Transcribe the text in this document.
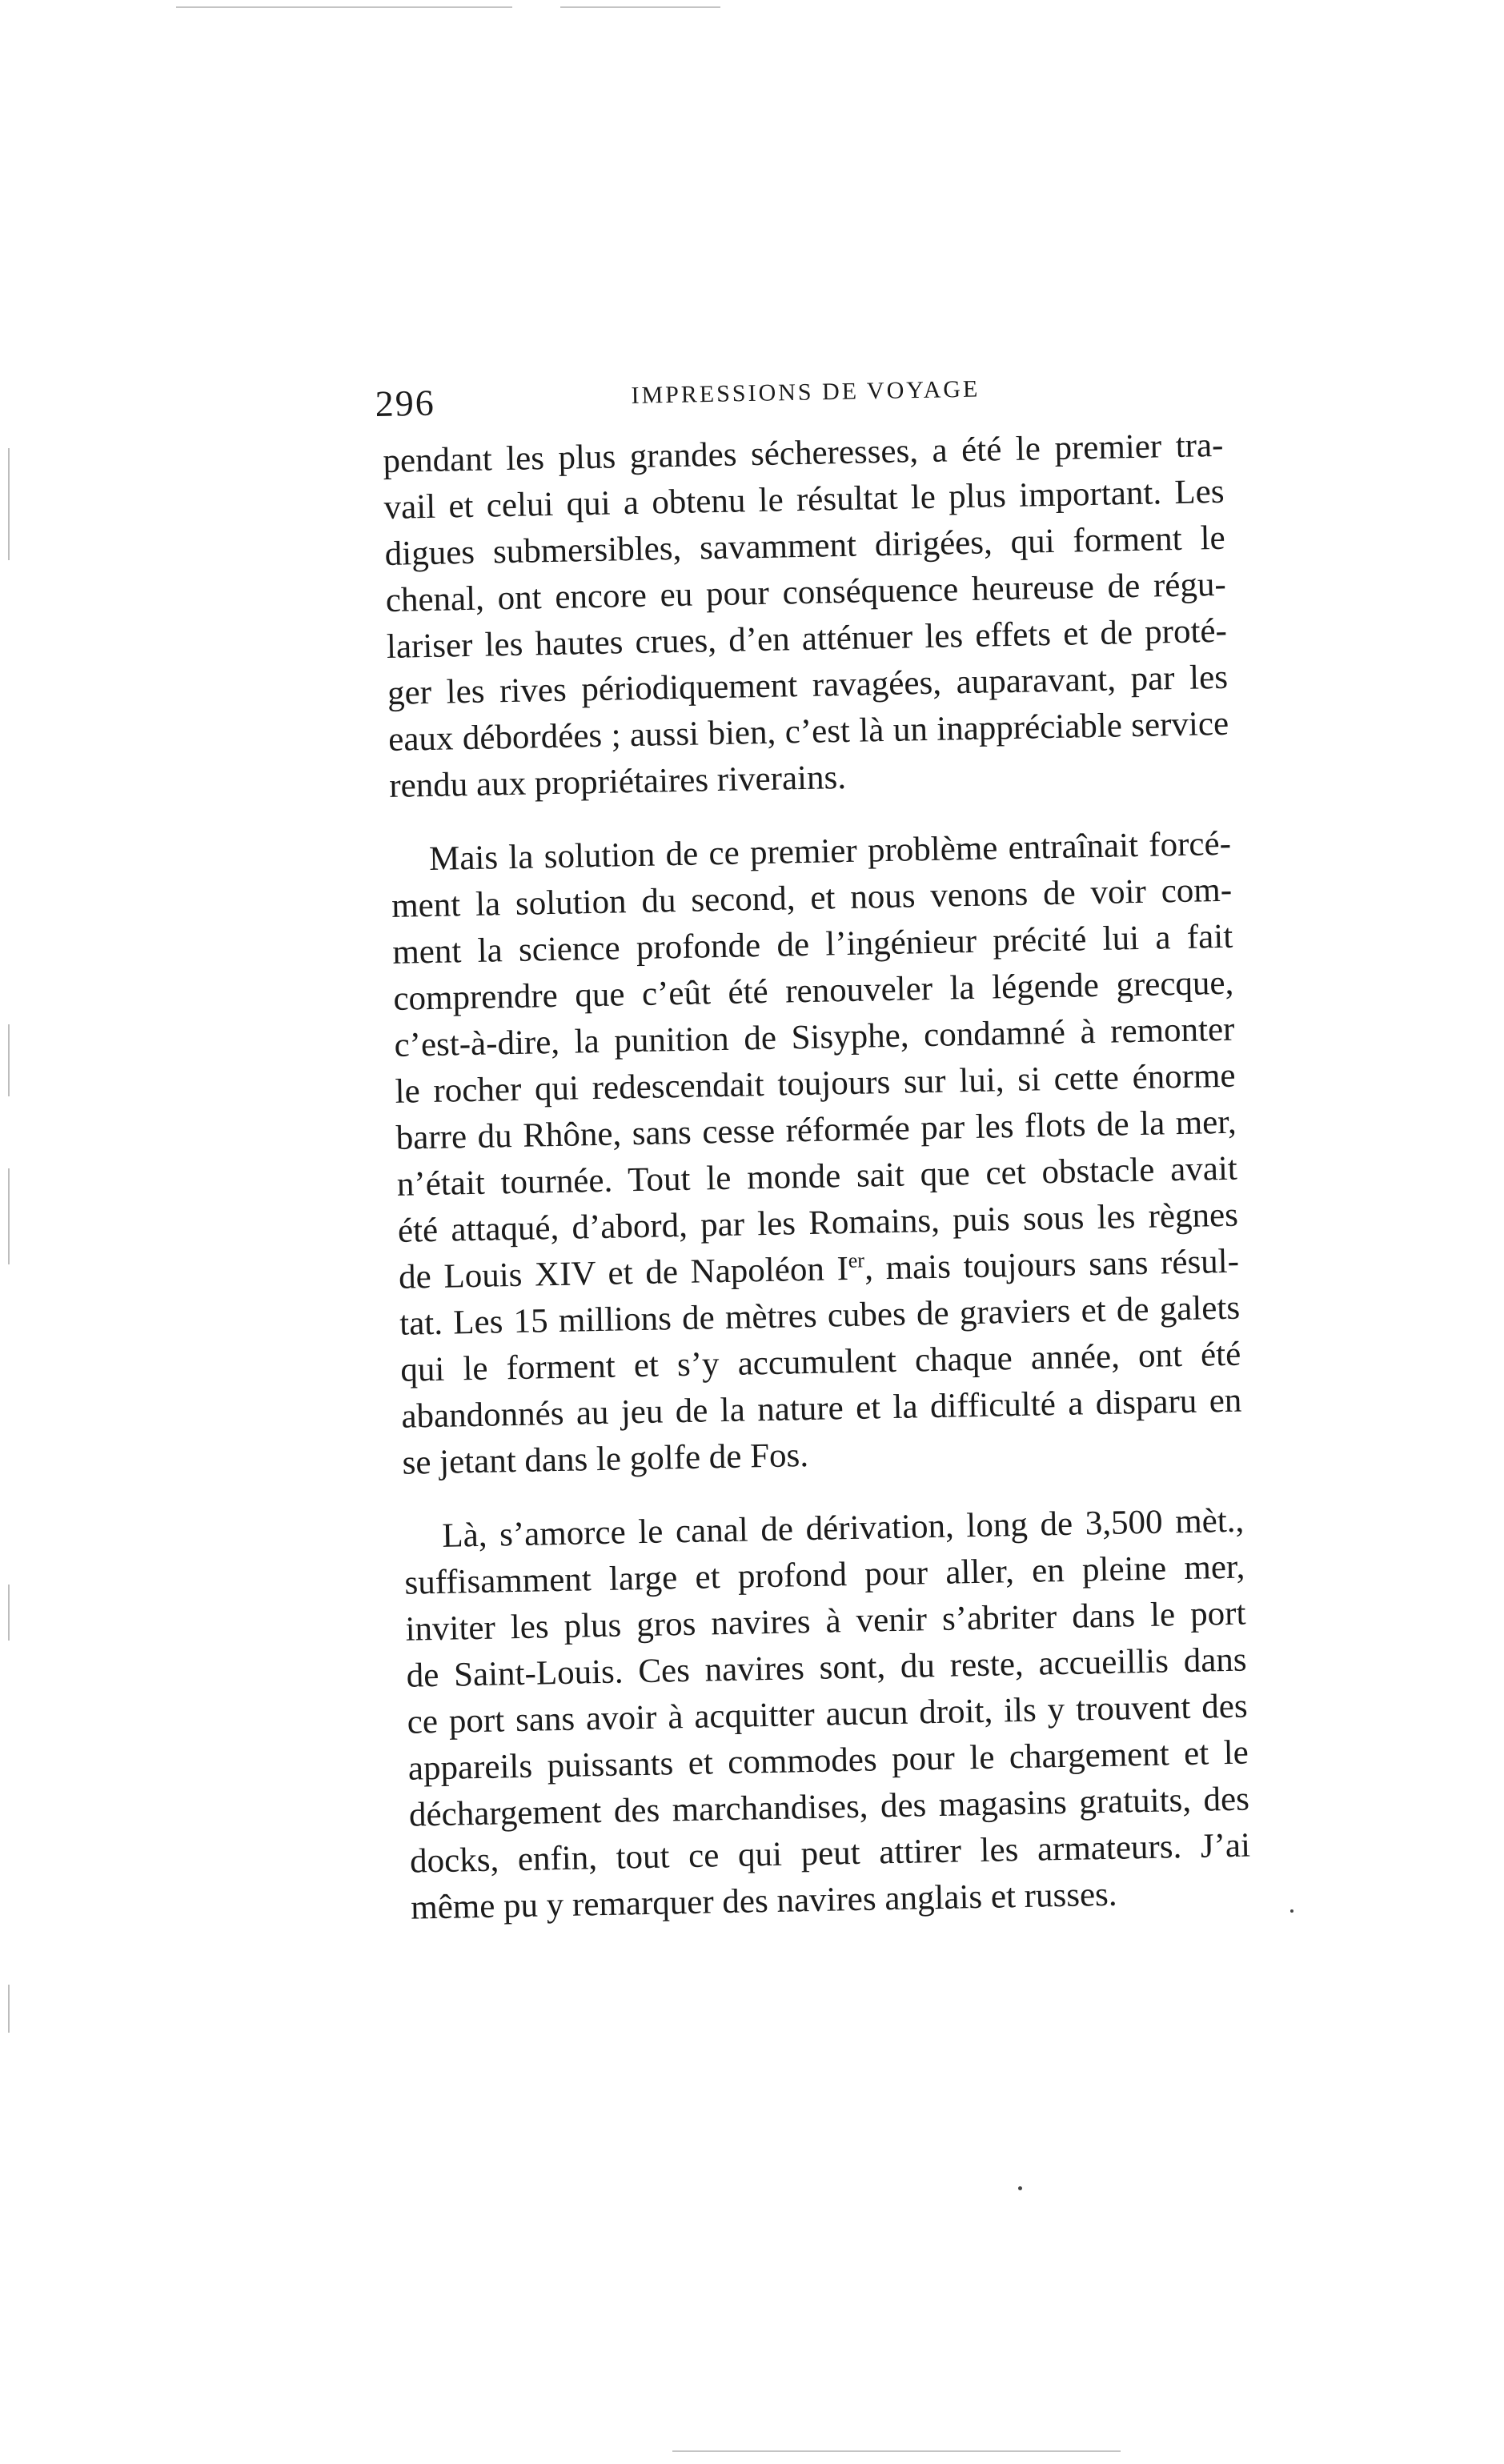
296	IMPRESSIONS DE VOYAGE
pendant les plus grandes sécheresses, a été le premier tra-
vail et celui qui a obtenu le résultat le plus important. Les
digues submersibles, savamment dirigées, qui forment le
chenal, ont encore eu pour conséquence heureuse de régu-
lariser les hautes crues, d’en atténuer les effets et de proté-
ger les rives périodiquement ravagées, auparavant, par les
eaux débordées ; aussi bien, c’est là un inappréciable service
rendu aux propriétaires riverains.
Mais la solution de ce premier problème entraînait forcé-
ment la solution du second, et nous venons de voir com-
ment la science profonde de l’ingénieur précité lui a fait
comprendre que c’eût été renouveler la légende grecque,
c’est-à-dire, la punition de Sisyphe, condamné à remonter
le rocher qui redescendait toujours sur lui, si cette énorme
barre du Rhône, sans cesse réformée par les flots de la mer,
n’était tournée. Tout le monde sait que cet obstacle avait
été attaqué, d’abord, par les Romains, puis sous les règnes
de Louis XIV et de Napoléon Ier, mais toujours sans résul-
tat. Les 15 millions de mètres cubes de graviers et de galets
qui le forment et s’y accumulent chaque année, ont été
abandonnés au jeu de la nature et la difficulté a disparu en
se jetant dans le golfe de Fos.
Là, s’amorce le canal de dérivation, long de 3,500 mèt.,
suffisamment large et profond pour aller, en pleine mer,
inviter les plus gros navires à venir s’abriter dans le port
de Saint-Louis. Ces navires sont, du reste, accueillis dans
ce port sans avoir à acquitter aucun droit, ils y trouvent des
appareils puissants et commodes pour le chargement et le
déchargement des marchandises, des magasins gratuits, des
docks, enfin, tout ce qui peut attirer les armateurs. J’ai
même pu y remarquer des navires anglais et russes.
